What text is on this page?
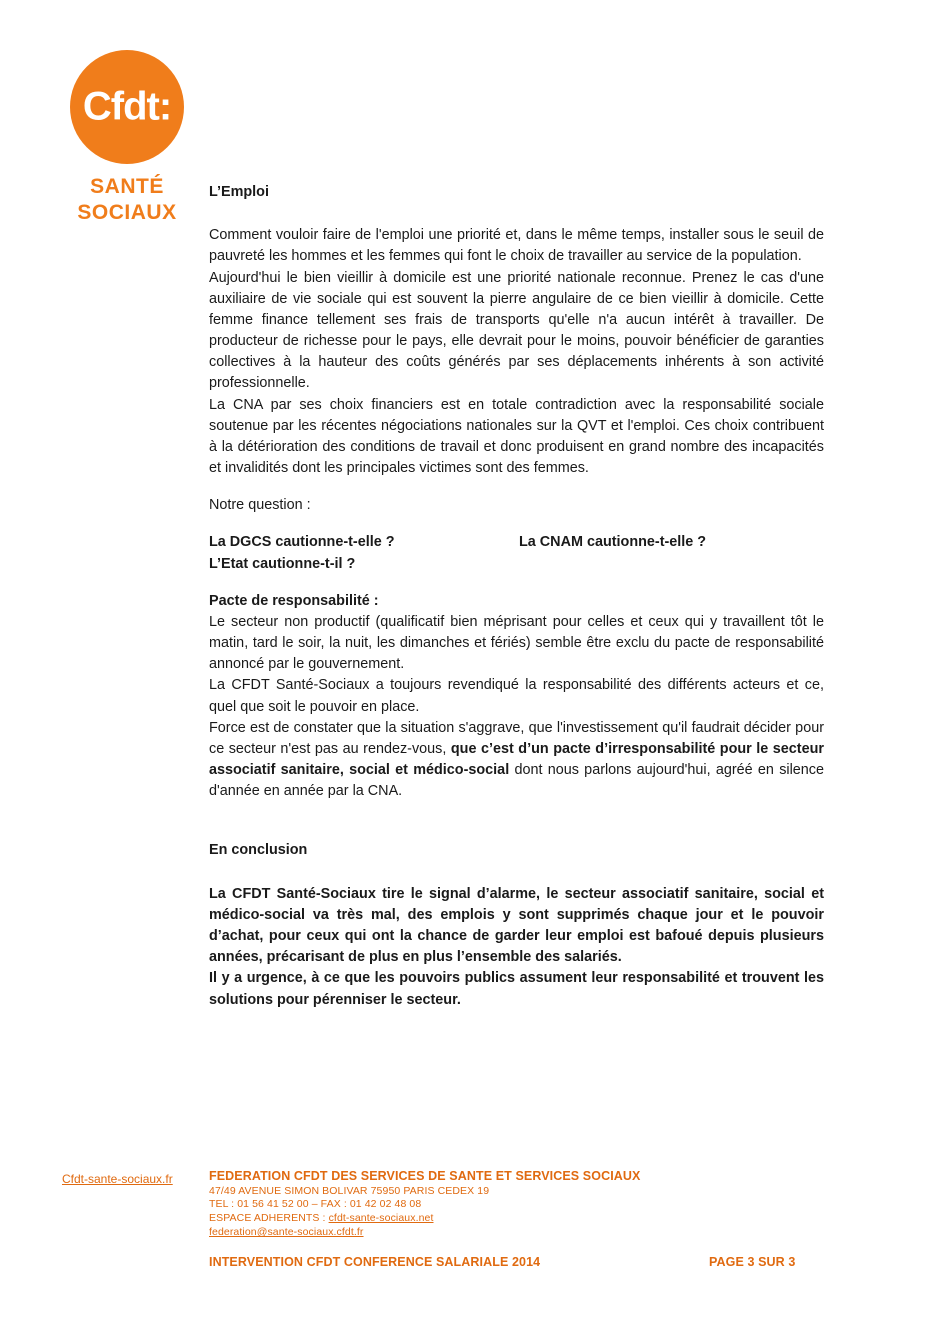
Cfdt:
SANTÉ
SOCIAUX

L’Emploi

Comment vouloir faire de l'emploi une priorité et, dans le même temps, installer sous le seuil de pauvreté les hommes et les femmes qui font le choix de travailler au service de la population.

Aujourd'hui le bien vieillir à domicile est une priorité nationale reconnue. Prenez le cas d'une auxiliaire de vie sociale qui est souvent la pierre angulaire de ce bien vieillir à domicile. Cette femme finance tellement ses frais de transports qu'elle n'a aucun intérêt à travailler. De producteur de richesse pour le pays, elle devrait pour le moins, pouvoir bénéficier de garanties collectives à la hauteur des coûts générés par ses déplacements inhérents à son activité professionnelle.

La CNA par ses choix financiers est en totale contradiction avec la responsabilité sociale soutenue par les récentes négociations nationales sur la QVT et l'emploi. Ces choix contribuent à la détérioration des conditions de travail et donc produisent en grand nombre des incapacités et invalidités dont les principales victimes sont des femmes.

Notre question :

La DGCS cautionne-t-elle ?	La CNAM cautionne-t-elle ?

L’Etat cautionne-t-il ?

Pacte de responsabilité :

Le secteur non productif (qualificatif bien méprisant pour celles et ceux qui y travaillent tôt le matin, tard le soir, la nuit, les dimanches et fériés) semble être exclu du pacte de responsabilité annoncé par le gouvernement.

La CFDT Santé-Sociaux a toujours revendiqué la responsabilité des différents acteurs et ce, quel que soit le pouvoir en place.

Force est de constater que la situation s'aggrave, que l'investissement qu'il faudrait décider pour ce secteur n'est pas au rendez-vous, que c’est d’un pacte d’irresponsabilité pour le secteur associatif sanitaire, social et médico-social dont nous parlons aujourd'hui, agréé en silence d'année en année par la CNA.

En conclusion

La CFDT Santé-Sociaux tire le signal d’alarme, le secteur associatif sanitaire, social et médico-social va très mal, des emplois y sont supprimés chaque jour et le pouvoir d’achat, pour ceux qui ont la chance de garder leur emploi est bafoué depuis plusieurs années, précarisant de plus en plus l’ensemble des salariés.

Il y a urgence, à ce que les pouvoirs publics assument leur responsabilité et trouvent les solutions pour pérenniser le secteur.

Cfdt-sante-sociaux.fr	FEDERATION CFDT DES SERVICES DE SANTE ET SERVICES SOCIAUX
47/49 AVENUE SIMON BOLIVAR 75950 PARIS CEDEX 19
TEL : 01 56 41 52 00 – FAX : 01 42 02 48 08
ESPACE ADHERENTS : cfdt-sante-sociaux.net
federation@sante-sociaux.cfdt.fr
INTERVENTION CFDT CONFERENCE SALARIALE 2014	PAGE 3 SUR 3
